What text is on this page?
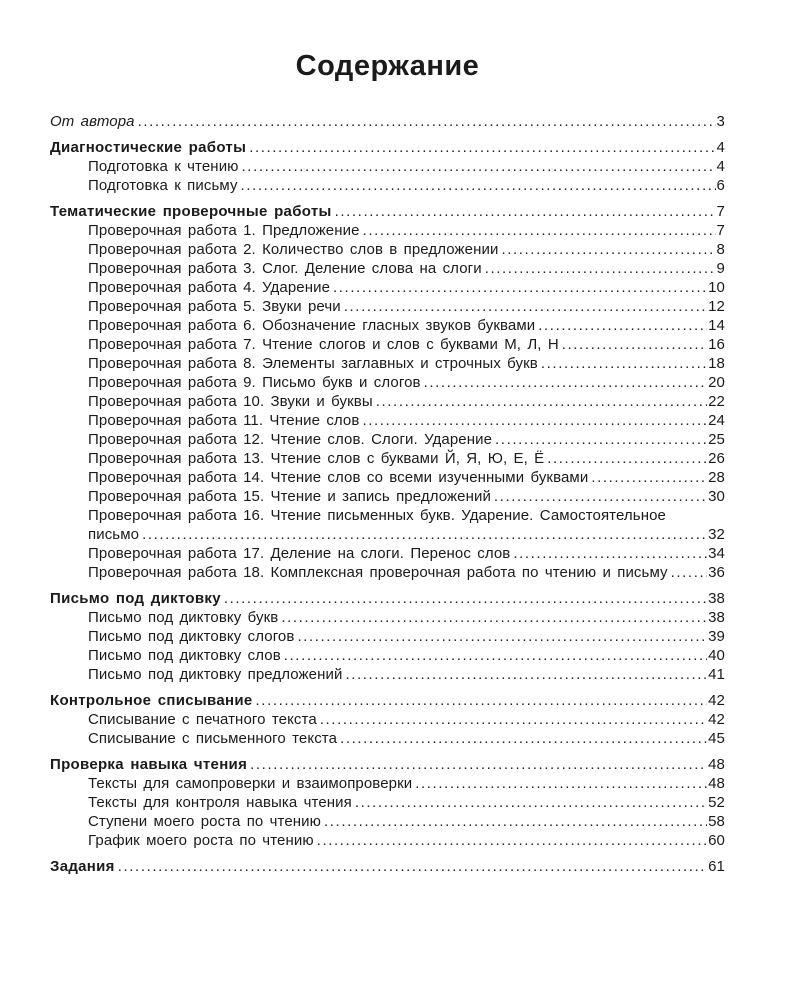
Содержание
От автора .....	3
Диагностические работы .....	4
Подготовка к чтению .....	4
Подготовка к письму .....	6
Тематические проверочные работы .....	7
Проверочная работа 1. Предложение .....	7
Проверочная работа 2. Количество слов в предложении .....	8
Проверочная работа 3. Слог. Деление слова на слоги .....	9
Проверочная работа 4. Ударение .....	10
Проверочная работа 5. Звуки речи .....	12
Проверочная работа 6. Обозначение гласных звуков буквами .....	14
Проверочная работа 7. Чтение слогов и слов с буквами М, Л, Н .....	16
Проверочная работа 8. Элементы заглавных и строчных букв .....	18
Проверочная работа 9. Письмо букв и слогов .....	20
Проверочная работа 10. Звуки и буквы .....	22
Проверочная работа 11. Чтение слов .....	24
Проверочная работа 12. Чтение слов. Слоги. Ударение .....	25
Проверочная работа 13. Чтение слов с буквами Й, Я, Ю, Е, Ё .....	26
Проверочная работа 14. Чтение слов со всеми изученными буквами .....	28
Проверочная работа 15. Чтение и запись предложений .....	30
Проверочная работа 16. Чтение письменных букв. Ударение. Самостоятельное
письмо .....	32
Проверочная работа 17. Деление на слоги. Перенос слов .....	34
Проверочная работа 18. Комплексная проверочная работа по чтению и письму .....	36
Письмо под диктовку .....	38
Письмо под диктовку букв .....	38
Письмо под диктовку слогов .....	39
Письмо под диктовку слов .....	40
Письмо под диктовку предложений .....	41
Контрольное списывание .....	42
Списывание с печатного текста .....	42
Списывание с письменного текста .....	45
Проверка навыка чтения .....	48
Тексты для самопроверки и взаимопроверки .....	48
Тексты для контроля навыка чтения .....	52
Ступени моего роста по чтению .....	58
График моего роста по чтению .....	60
Задания .....	61
